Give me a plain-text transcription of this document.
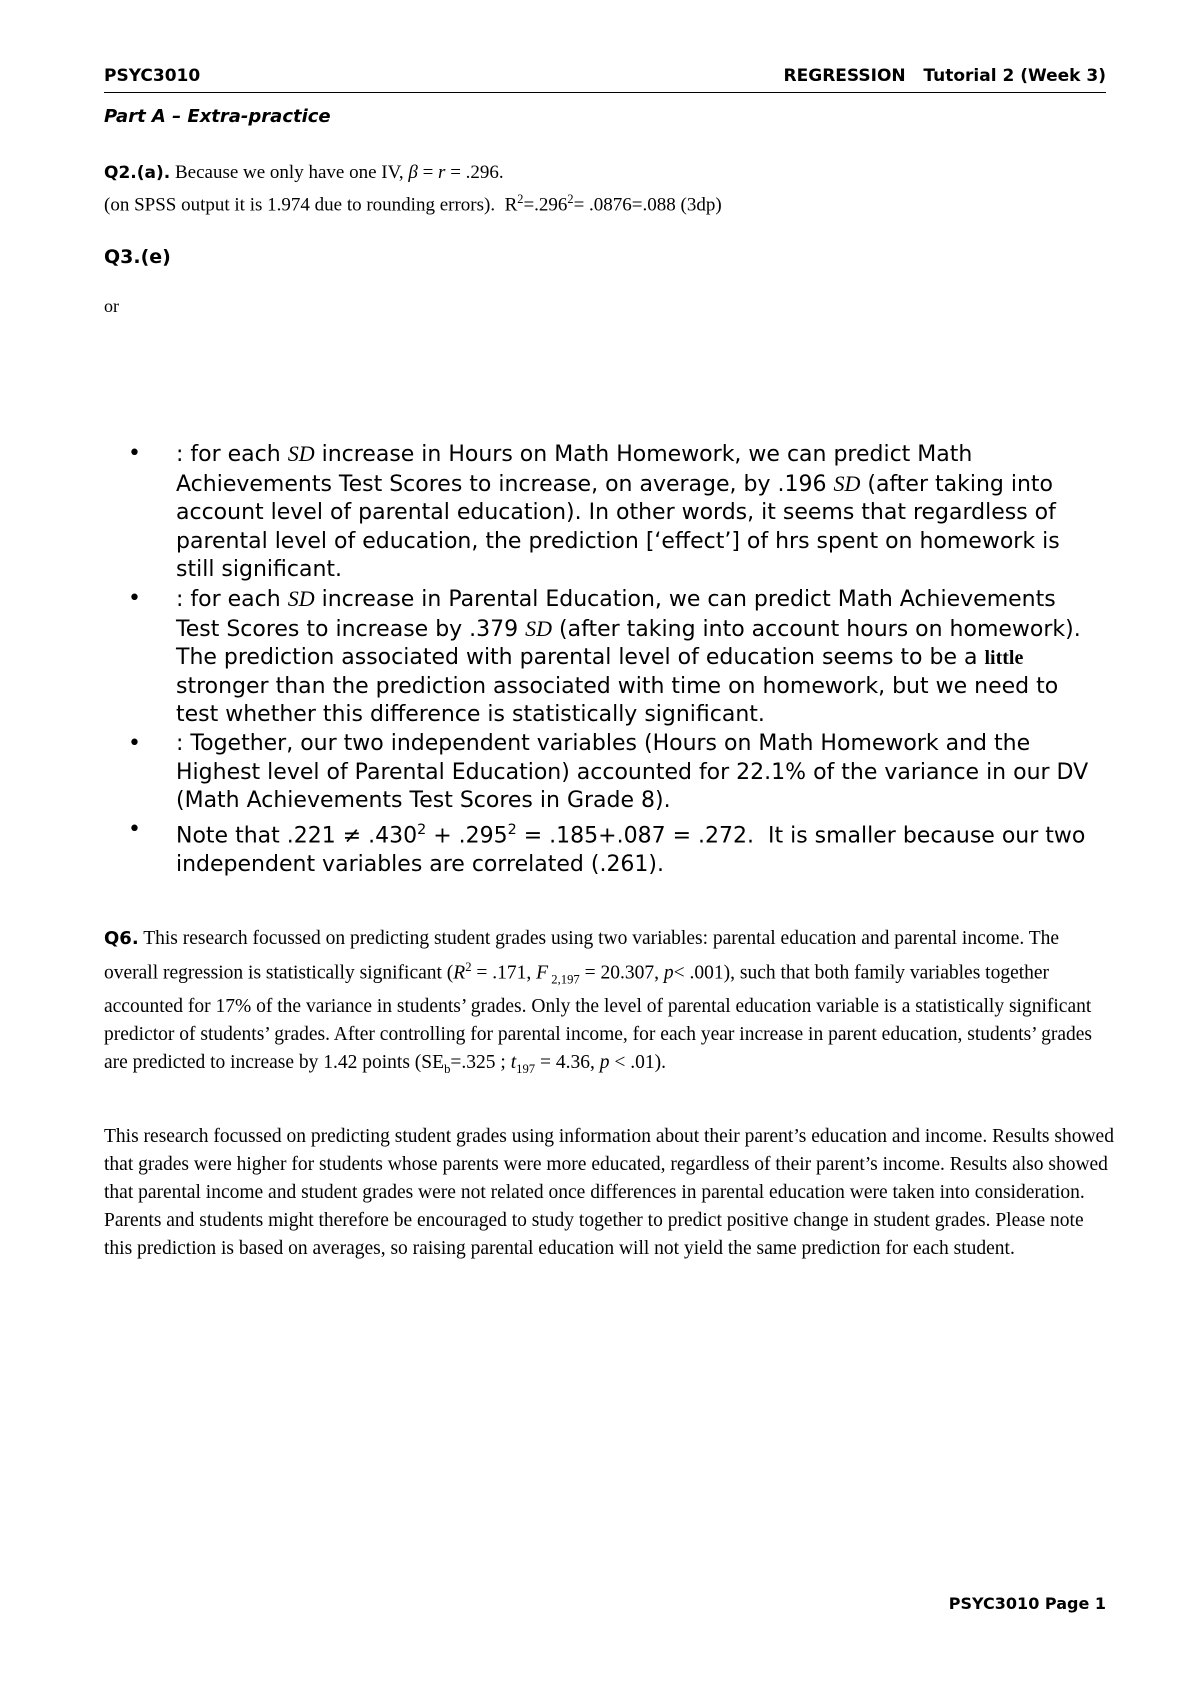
PSYC3010	REGRESSION   Tutorial 2 (Week 3)
Part A – Extra-practice
Q2.(a). Because we only have one IV, β = r = .296.
(on SPSS output it is 1.974 due to rounding errors).  $R^2=.296^2= .0876=.088$ (3dp)
Q3.(e)
or
• : for each SD increase in Hours on Math Homework, we can predict Math Achievements Test Scores to increase, on average, by .196 SD (after taking into account level of parental education). In other words, it seems that regardless of parental level of education, the prediction [‘effect’] of hrs spent on homework is still significant.
• : for each SD increase in Parental Education, we can predict Math Achievements Test Scores to increase by .379 SD (after taking into account hours on homework). The prediction associated with parental level of education seems to be a little stronger than the prediction associated with time on homework, but we need to test whether this difference is statistically significant.
• : Together, our two independent variables (Hours on Math Homework and the Highest level of Parental Education) accounted for 22.1% of the variance in our DV (Math Achievements Test Scores in Grade 8).
• Note that $.221 \ne .430^2 + .295^2 = .185+.087 = .272$.  It is smaller because our two independent variables are correlated (.261).
Q6. This research focussed on predicting student grades using two variables: parental education and parental income. The overall regression is statistically significant ($R^2 = .171$, F $_{2,197}$ = 20.307, p< .001), such that both family variables together accounted for 17% of the variance in students’ grades. Only the level of parental education variable is a statistically significant predictor of students’ grades. After controlling for parental income, for each year increase in parent education, students’ grades are predicted to increase by 1.42 points ($SE_b=.325$ ; $t_{197} = 4.36$, p < .01).
This research focussed on predicting student grades using information about their parent’s education and income. Results showed that grades were higher for students whose parents were more educated, regardless of their parent’s income. Results also showed that parental income and student grades were not related once differences in parental education were taken into consideration. Parents and students might therefore be encouraged to study together to predict positive change in student grades. Please note this prediction is based on averages, so raising parental education will not yield the same prediction for each student.
PSYC3010 Page 1
